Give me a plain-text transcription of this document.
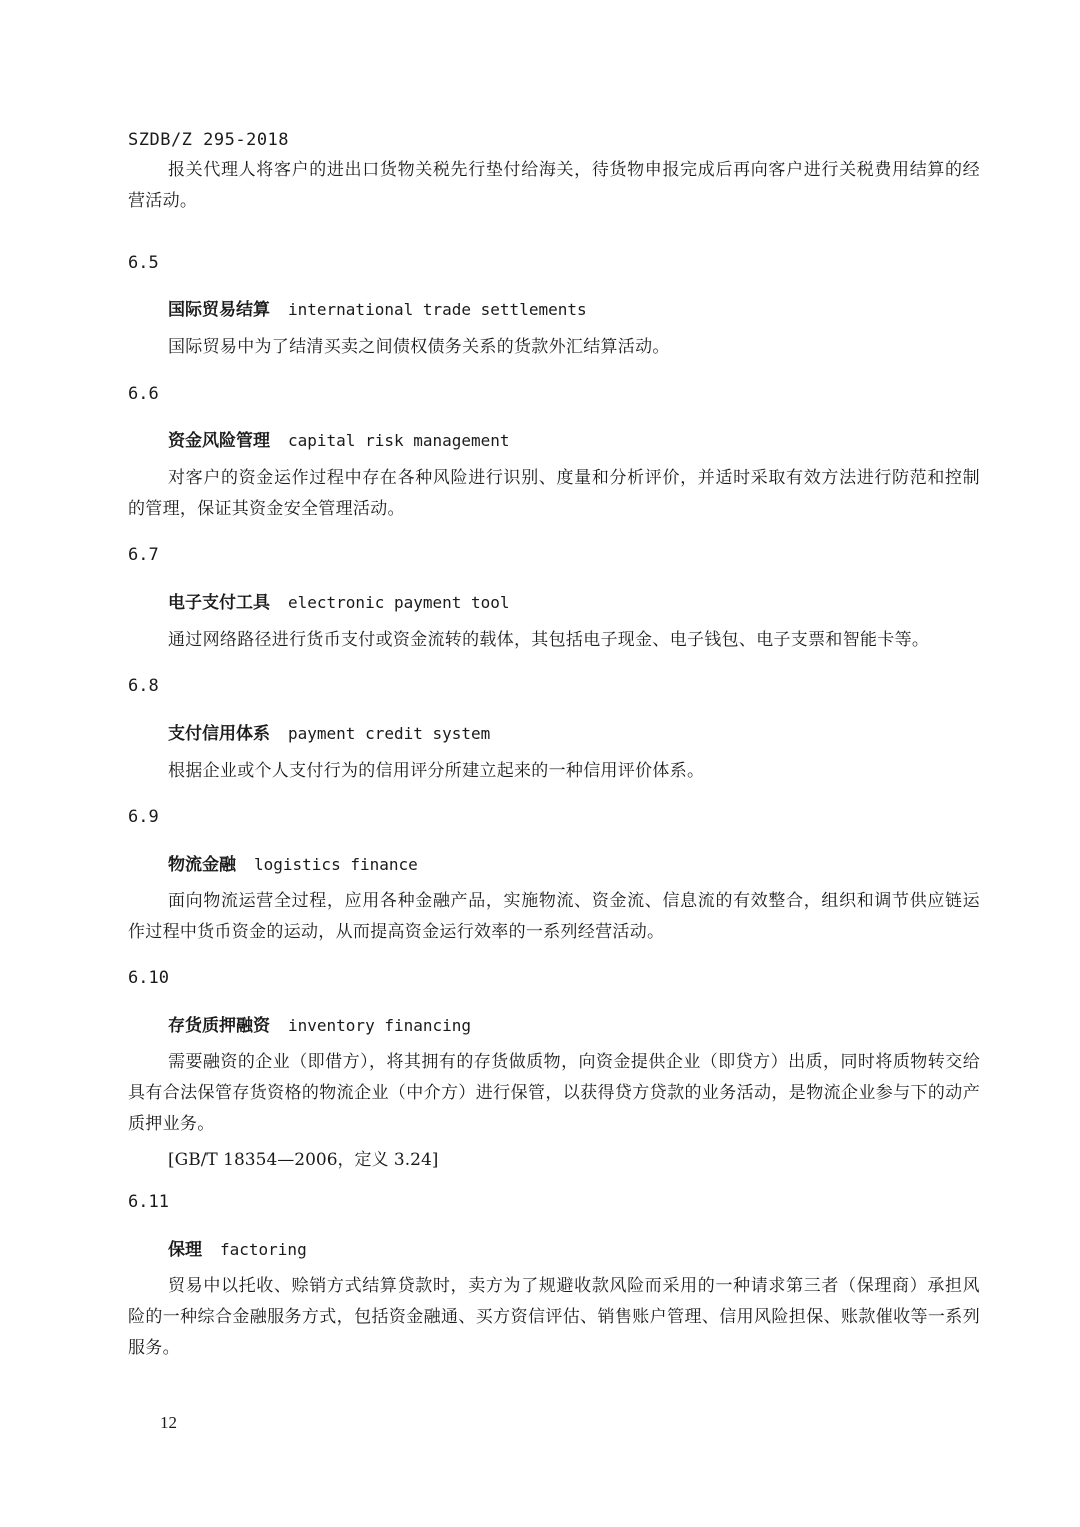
SZDB/Z 295-2018

报关代理人将客户的进出口货物关税先行垫付给海关，待货物申报完成后再向客户进行关税费用结算的经营活动。

6.5
国际贸易结算 international trade settlements

国际贸易中为了结清买卖之间债权债务关系的货款外汇结算活动。

6.6
资金风险管理 capital risk management

对客户的资金运作过程中存在各种风险进行识别、度量和分析评价，并适时采取有效方法进行防范和控制的管理，保证其资金安全管理活动。

6.7
电子支付工具 electronic payment tool

通过网络路径进行货币支付或资金流转的载体，其包括电子现金、电子钱包、电子支票和智能卡等。

6.8
支付信用体系 payment credit system

根据企业或个人支付行为的信用评分所建立起来的一种信用评价体系。

6.9
物流金融 logistics finance

面向物流运营全过程，应用各种金融产品，实施物流、资金流、信息流的有效整合，组织和调节供应链运作过程中货币资金的运动，从而提高资金运行效率的一系列经营活动。

6.10
存货质押融资 inventory financing

需要融资的企业（即借方），将其拥有的存货做质物，向资金提供企业（即贷方）出质，同时将质物转交给具有合法保管存货资格的物流企业（中介方）进行保管，以获得贷方贷款的业务活动，是物流企业参与下的动产质押业务。

[GB/T 18354—2006，定义 3.24]
6.11
保理 factoring

贸易中以托收、赊销方式结算贷款时，卖方为了规避收款风险而采用的一种请求第三者（保理商）承担风险的一种综合金融服务方式，包括资金融通、买方资信评估、销售账户管理、信用风险担保、账款催收等一系列服务。

12
